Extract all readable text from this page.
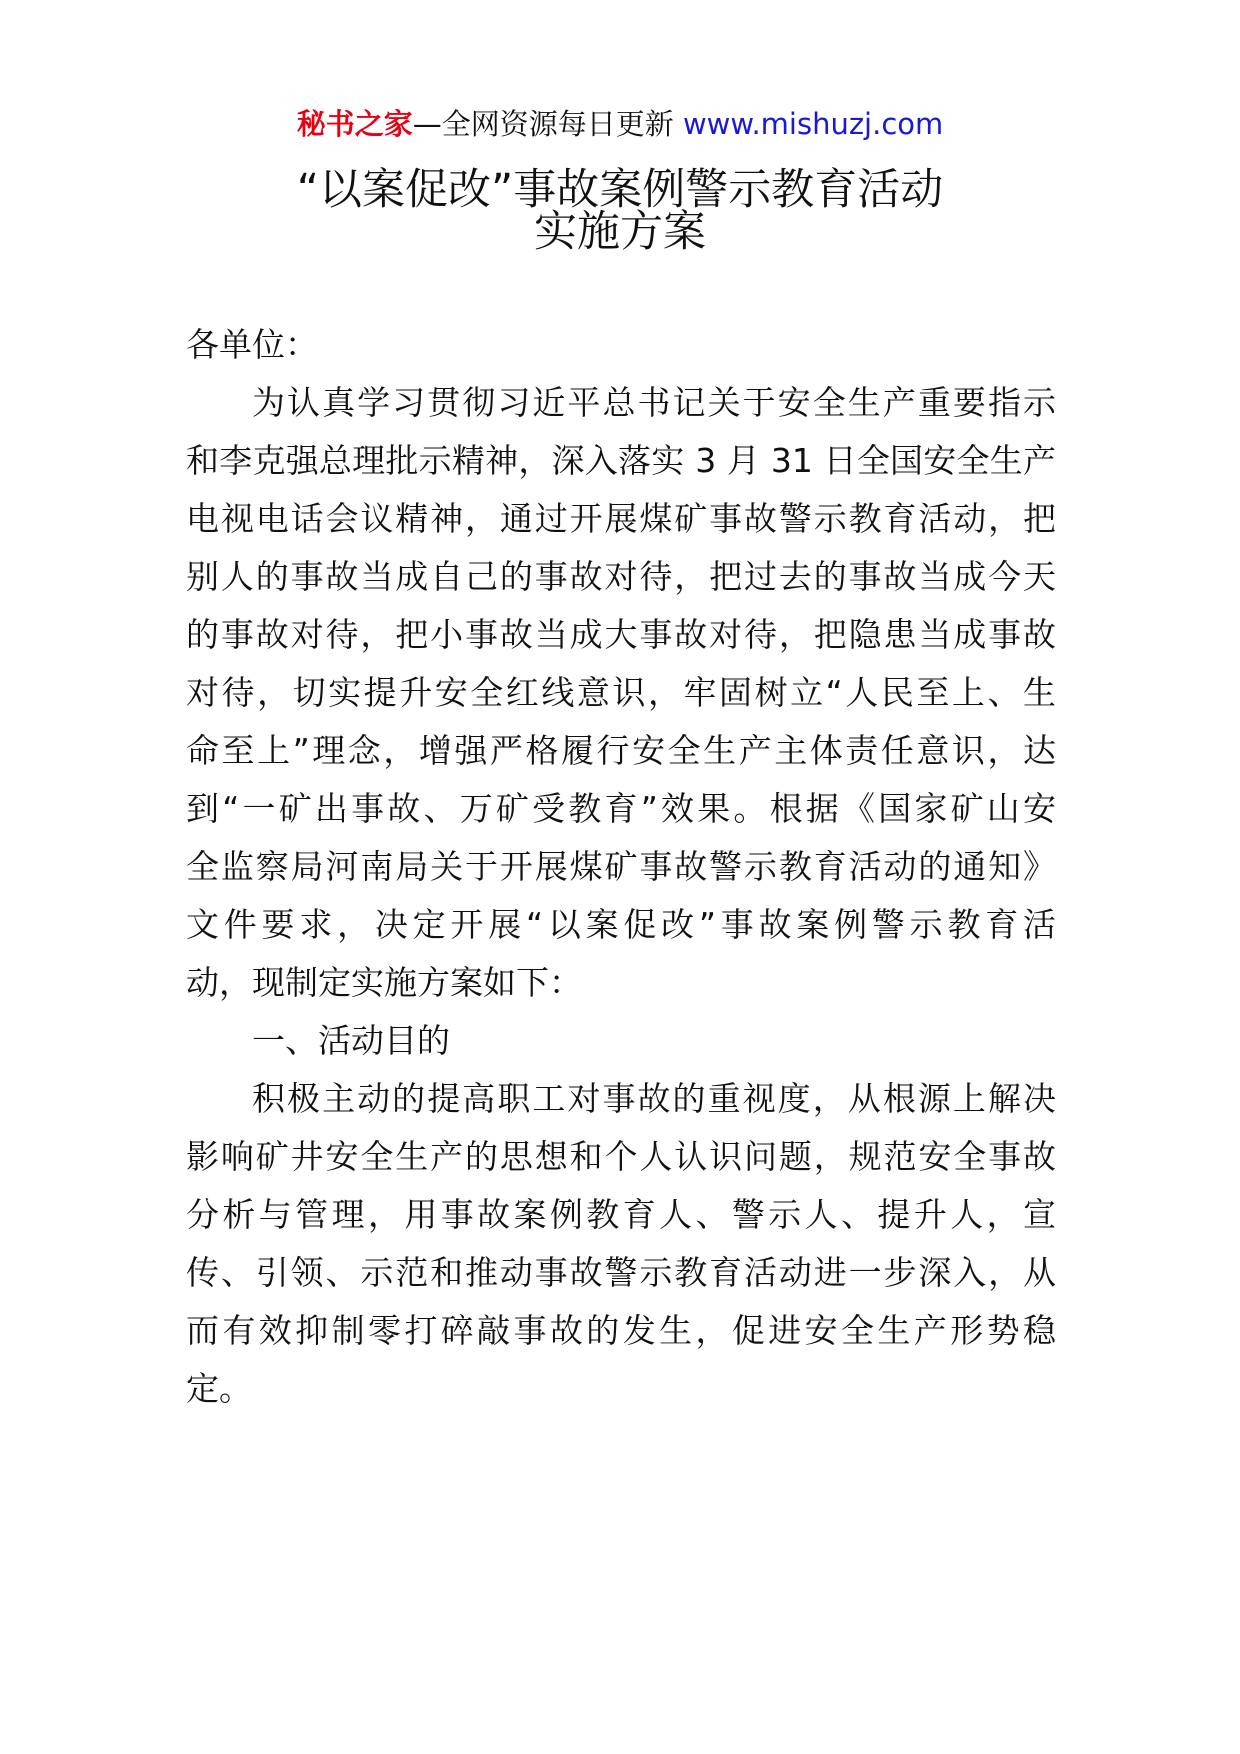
秘书之家—全网资源每日更新 www.mishuzj.com
“以案促改”事故案例警示教育活动
实施方案
各单位：
为认真学习贯彻习近平总书记关于安全生产重要指示
和李克强总理批示精神，深入落实 3 月 31 日全国安全生产
电视电话会议精神，通过开展煤矿事故警示教育活动，把
别人的事故当成自己的事故对待，把过去的事故当成今天
的事故对待，把小事故当成大事故对待，把隐患当成事故
对待，切实提升安全红线意识，牢固树立“人民至上、生
命至上”理念，增强严格履行安全生产主体责任意识，达
到“一矿出事故、万矿受教育”效果。根据《国家矿山安
全监察局河南局关于开展煤矿事故警示教育活动的通知》
文件要求，决定开展“以案促改”事故案例警示教育活
动，现制定实施方案如下：
一、活动目的
积极主动的提高职工对事故的重视度，从根源上解决
影响矿井安全生产的思想和个人认识问题，规范安全事故
分析与管理，用事故案例教育人、警示人、提升人，宣
传、引领、示范和推动事故警示教育活动进一步深入，从
而有效抑制零打碎敲事故的发生，促进安全生产形势稳
定。
